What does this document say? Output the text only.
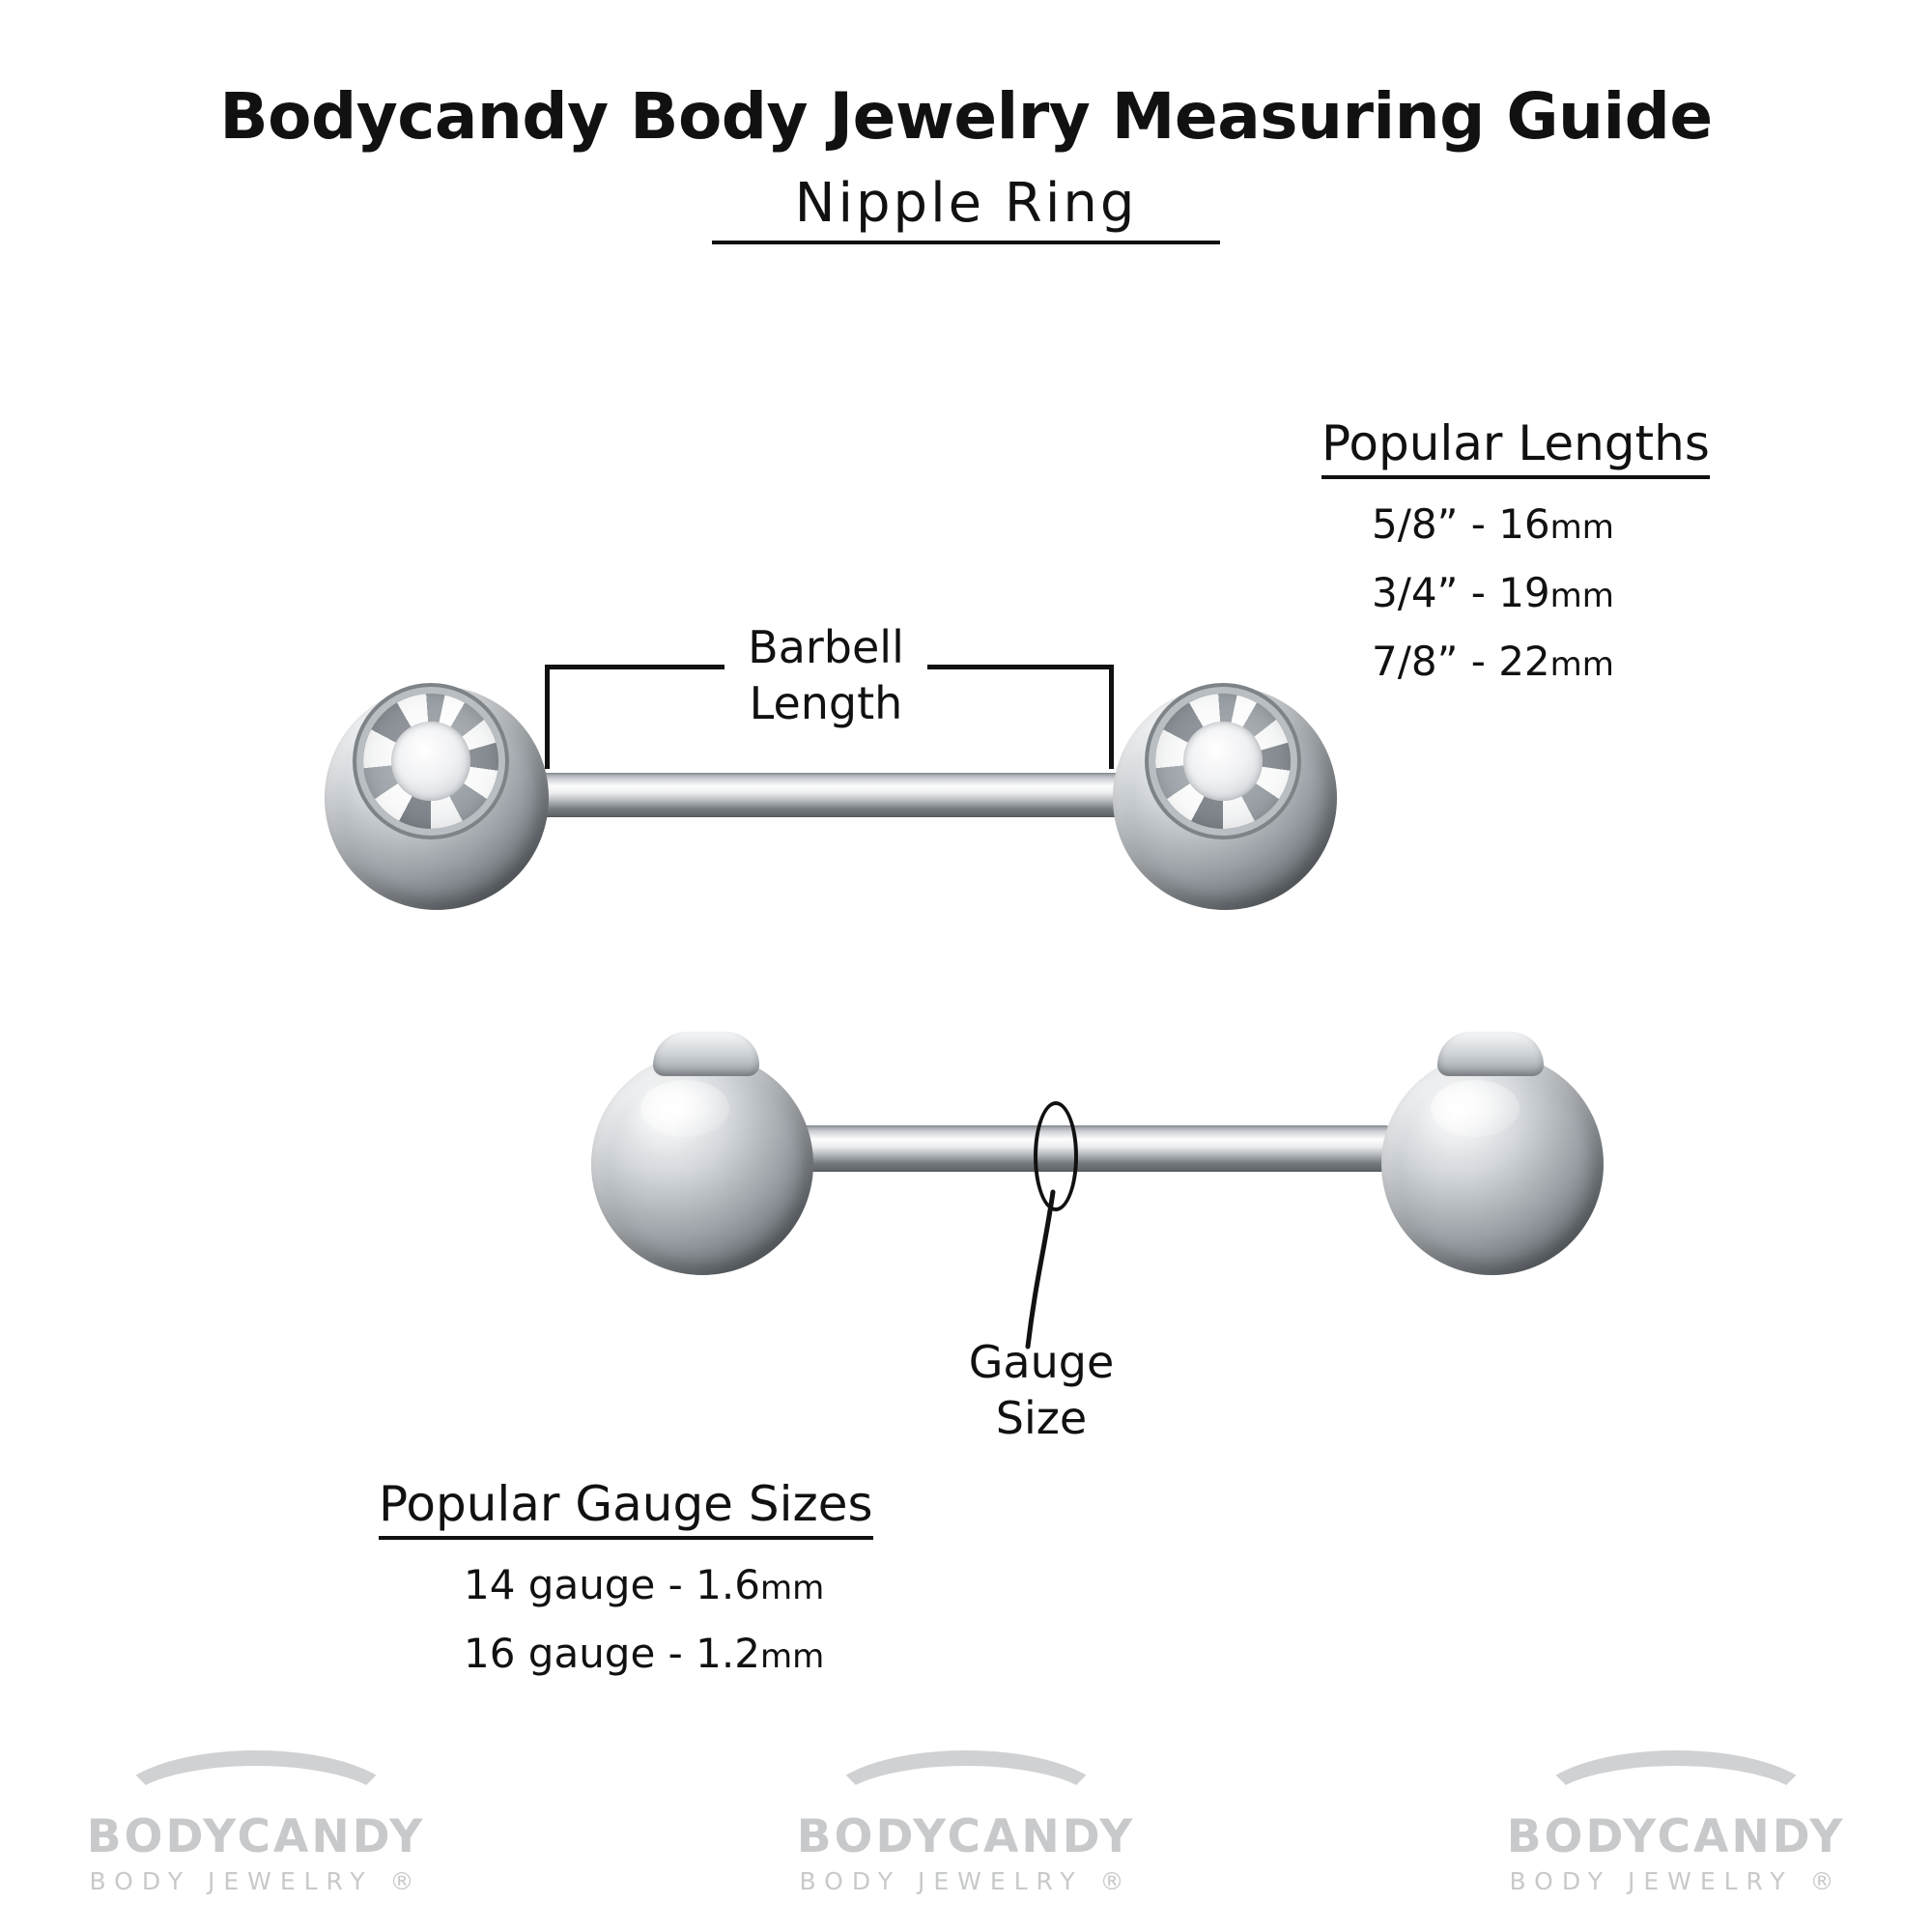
Bodycandy Body Jewelry Measuring Guide
Nipple Ring
Popular Lengths
5/8” - 16mm
3/4” - 19mm
7/8” - 22mm
Barbell
Length
Gauge
Size
Popular Gauge Sizes
14 gauge - 1.6mm
16 gauge - 1.2mm
BODYCANDY
BODY JEWELRY ®
BODYCANDY
BODY JEWELRY ®
BODYCANDY
BODY JEWELRY ®
